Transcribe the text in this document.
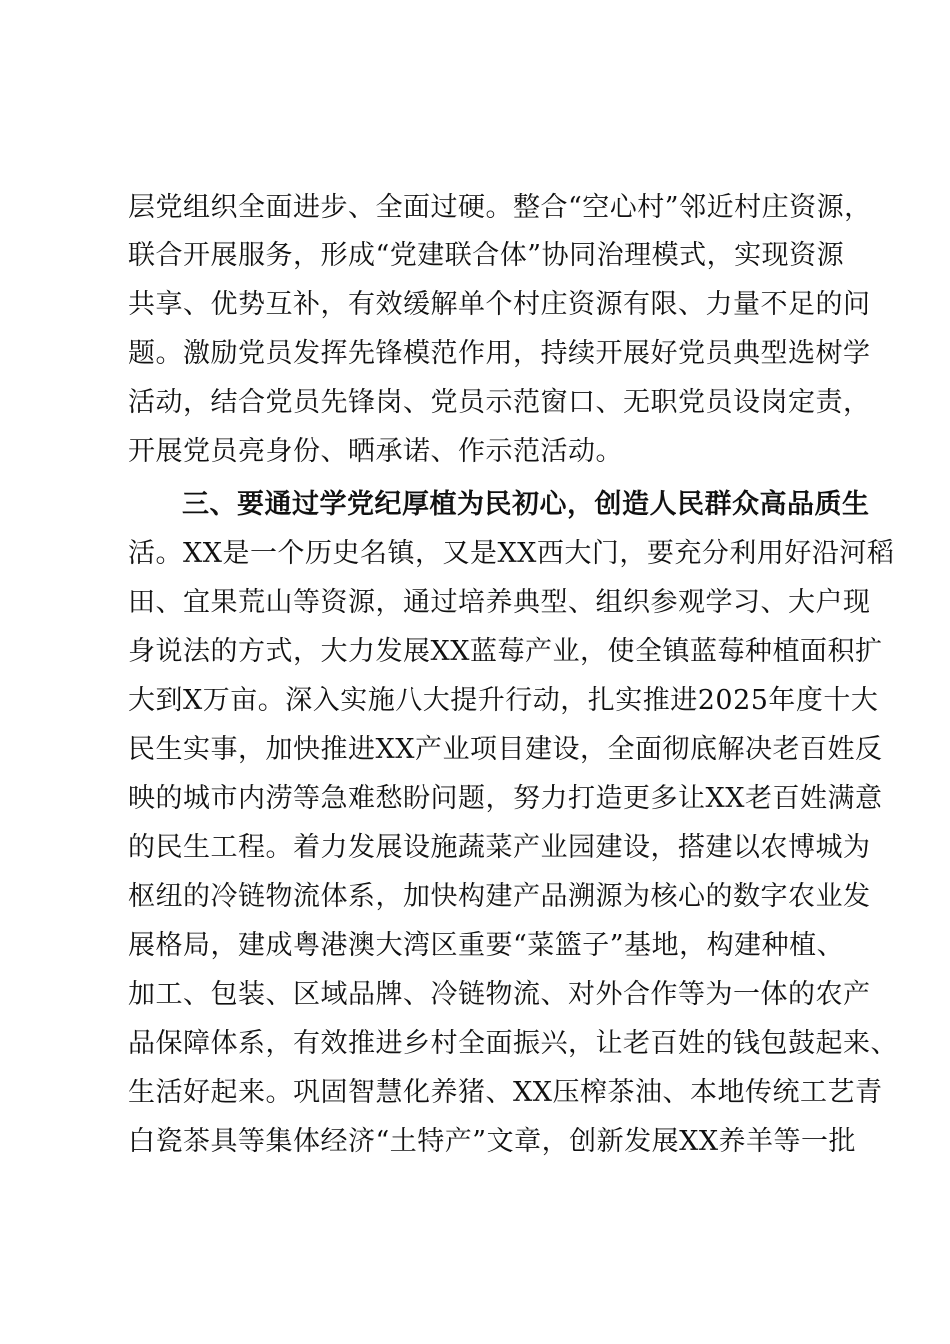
层党组织全面进步、全面过硬。整合“空心村”邻近村庄资源，
联合开展服务，形成“党建联合体”协同治理模式，实现资源
共享、优势互补，有效缓解单个村庄资源有限、力量不足的问
题。激励党员发挥先锋模范作用，持续开展好党员典型选树学
活动，结合党员先锋岗、党员示范窗口、无职党员设岗定责，
开展党员亮身份、晒承诺、作示范活动。
三、要通过学党纪厚植为民初心，创造人民群众高品质生
活。XX是一个历史名镇，又是XX西大门，要充分利用好沿河稻
田、宜果荒山等资源，通过培养典型、组织参观学习、大户现
身说法的方式，大力发展XX蓝莓产业，使全镇蓝莓种植面积扩
大到X万亩。深入实施八大提升行动，扎实推进2025年度十大
民生实事，加快推进XX产业项目建设，全面彻底解决老百姓反
映的城市内涝等急难愁盼问题，努力打造更多让XX老百姓满意
的民生工程。着力发展设施蔬菜产业园建设，搭建以农博城为
枢纽的冷链物流体系，加快构建产品溯源为核心的数字农业发
展格局，建成粤港澳大湾区重要“菜篮子”基地，构建种植、
加工、包装、区域品牌、冷链物流、对外合作等为一体的农产
品保障体系，有效推进乡村全面振兴，让老百姓的钱包鼓起来、
生活好起来。巩固智慧化养猪、XX压榨茶油、本地传统工艺青
白瓷茶具等集体经济“土特产”文章，创新发展XX养羊等一批
